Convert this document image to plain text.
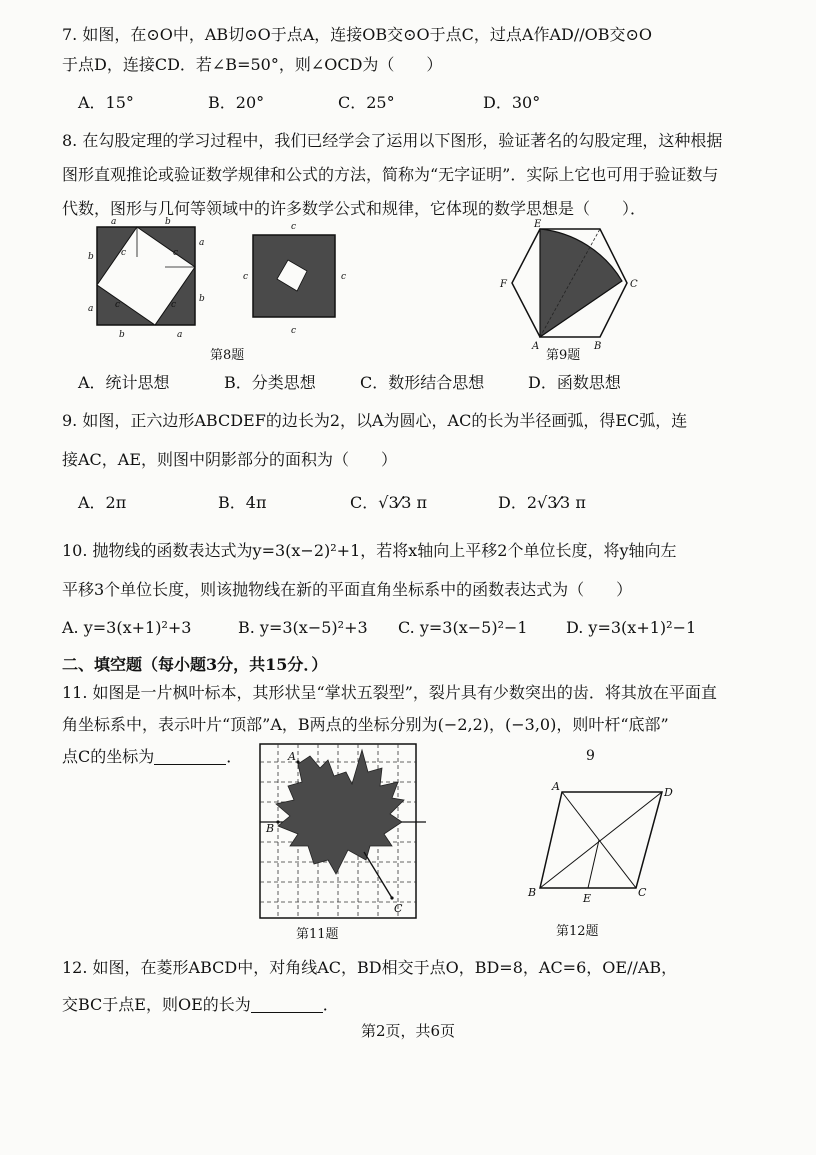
7. 如图，在⊙O中，AB切⊙O于点A，连接OB交⊙O于点C，过点A作AD//OB交⊙O
于点D，连接CD．若∠B=50°，则∠OCD为（　　）
A．15°	B．20°	C．25°	D．30°
8. 在勾股定理的学习过程中，我们已经学会了运用以下图形，验证著名的勾股定理，这种根据
图形直观推论或验证数学规律和公式的方法，简称为“无字证明”．实际上它也可用于验证数与
代数，图形与几何等领域中的许多数学公式和规律，它体现的数学思想是（　　）．
a	b
a
b
c	c
c
c
b
a
b	a
c
c
c
c
第8题
E
F	C
A	B
第9题
A．统计思想	B．分类思想	C．数形结合思想	D．函数思想
9. 如图，正六边形ABCDEF的边长为2，以A为圆心，AC的长为半径画弧，得EC弧，连
接AC，AE，则图中阴影部分的面积为（　　）
A．2π	B．4π	C．√3⁄3 π	D．2√3⁄3 π
10. 抛物线的函数表达式为y=3(x−2)²+1，若将x轴向上平移2个单位长度，将y轴向左
平移3个单位长度，则该抛物线在新的平面直角坐标系中的函数表达式为（　　）
A. y=3(x+1)²+3	B. y=3(x−5)²+3 C. y=3(x−5)²−1 D. y=3(x+1)²−1
二、填空题（每小题3分，共15分．）
11. 如图是一片枫叶标本，其形状呈“掌状五裂型”，裂片具有少数突出的齿．将其放在平面直
角坐标系中，表示叶片“顶部”A，B两点的坐标分别为(−2,2)，(−3,0)，则叶杆“底部”
点C的坐标为	．	A
B
C
第11题
9
A	D
B	E	C
第12题
12. 如图，在菱形ABCD中，对角线AC，BD相交于点O，BD=8，AC=6，OE//AB，
交BC于点E，则OE的长为	．
第2页，共6页
